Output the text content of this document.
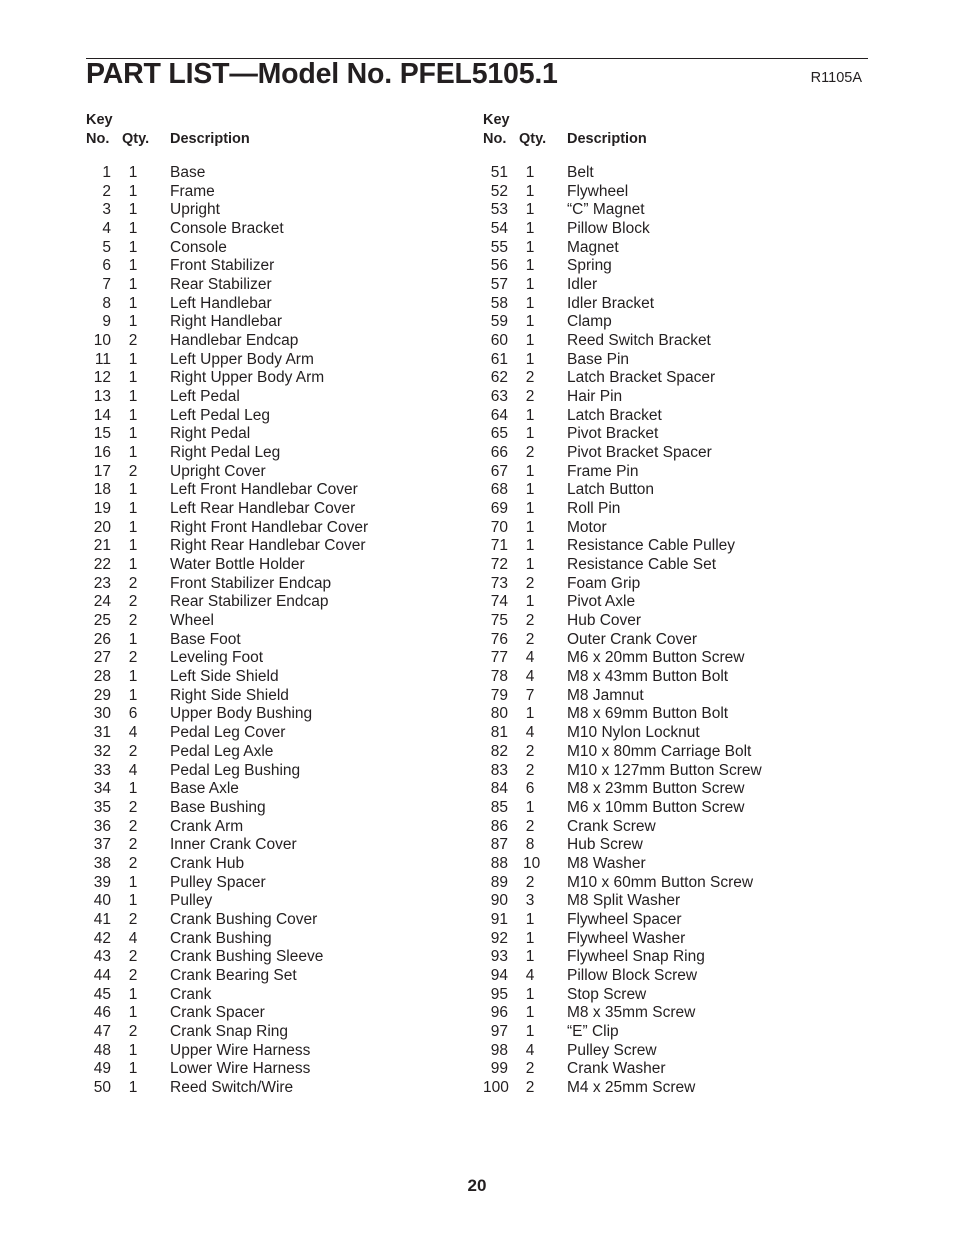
PART LIST—Model No. PFEL5105.1	R1105A
Key
No. Qty. Description
1 1 Base
2 1 Frame
3 1 Upright
4 1 Console Bracket
5 1 Console
6 1 Front Stabilizer
7 1 Rear Stabilizer
8 1 Left Handlebar
9 1 Right Handlebar
10 2 Handlebar Endcap
11 1 Left Upper Body Arm
12 1 Right Upper Body Arm
13 1 Left Pedal
14 1 Left Pedal Leg
15 1 Right Pedal
16 1 Right Pedal Leg
17 2 Upright Cover
18 1 Left Front Handlebar Cover
19 1 Left Rear Handlebar Cover
20 1 Right Front Handlebar Cover
21 1 Right Rear Handlebar Cover
22 1 Water Bottle Holder
23 2 Front Stabilizer Endcap
24 2 Rear Stabilizer Endcap
25 2 Wheel
26 1 Base Foot
27 2 Leveling Foot
28 1 Left Side Shield
29 1 Right Side Shield
30 6 Upper Body Bushing
31 4 Pedal Leg Cover
32 2 Pedal Leg Axle
33 4 Pedal Leg Bushing
34 1 Base Axle
35 2 Base Bushing
36 2 Crank Arm
37 2 Inner Crank Cover
38 2 Crank Hub
39 1 Pulley Spacer
40 1 Pulley
41 2 Crank Bushing Cover
42 4 Crank Bushing
43 2 Crank Bushing Sleeve
44 2 Crank Bearing Set
45 1 Crank
46 1 Crank Spacer
47 2 Crank Snap Ring
48 1 Upper Wire Harness
49 1 Lower Wire Harness
50 1 Reed Switch/Wire
Key
No. Qty. Description
51 1 Belt
52 1 Flywheel
53 1 “C” Magnet
54 1 Pillow Block
55 1 Magnet
56 1 Spring
57 1 Idler
58 1 Idler Bracket
59 1 Clamp
60 1 Reed Switch Bracket
61 1 Base Pin
62 2 Latch Bracket Spacer
63 2 Hair Pin
64 1 Latch Bracket
65 1 Pivot Bracket
66 2 Pivot Bracket Spacer
67 1 Frame Pin
68 1 Latch Button
69 1 Roll Pin
70 1 Motor
71 1 Resistance Cable Pulley
72 1 Resistance Cable Set
73 2 Foam Grip
74 1 Pivot Axle
75 2 Hub Cover
76 2 Outer Crank Cover
77 4 M6 x 20mm Button Screw
78 4 M8 x 43mm Button Bolt
79 7 M8 Jamnut
80 1 M8 x 69mm Button Bolt
81 4 M10 Nylon Locknut
82 2 M10 x 80mm Carriage Bolt
83 2 M10 x 127mm Button Screw
84 6 M8 x 23mm Button Screw
85 1 M6 x 10mm Button Screw
86 2 Crank Screw
87 8 Hub Screw
88 10 M8 Washer
89 2 M10 x 60mm Button Screw
90 3 M8 Split Washer
91 1 Flywheel Spacer
92 1 Flywheel Washer
93 1 Flywheel Snap Ring
94 4 Pillow Block Screw
95 1 Stop Screw
96 1 M8 x 35mm Screw
97 1 “E” Clip
98 4 Pulley Screw
99 2 Crank Washer
100 2 M4 x 25mm Screw
20
